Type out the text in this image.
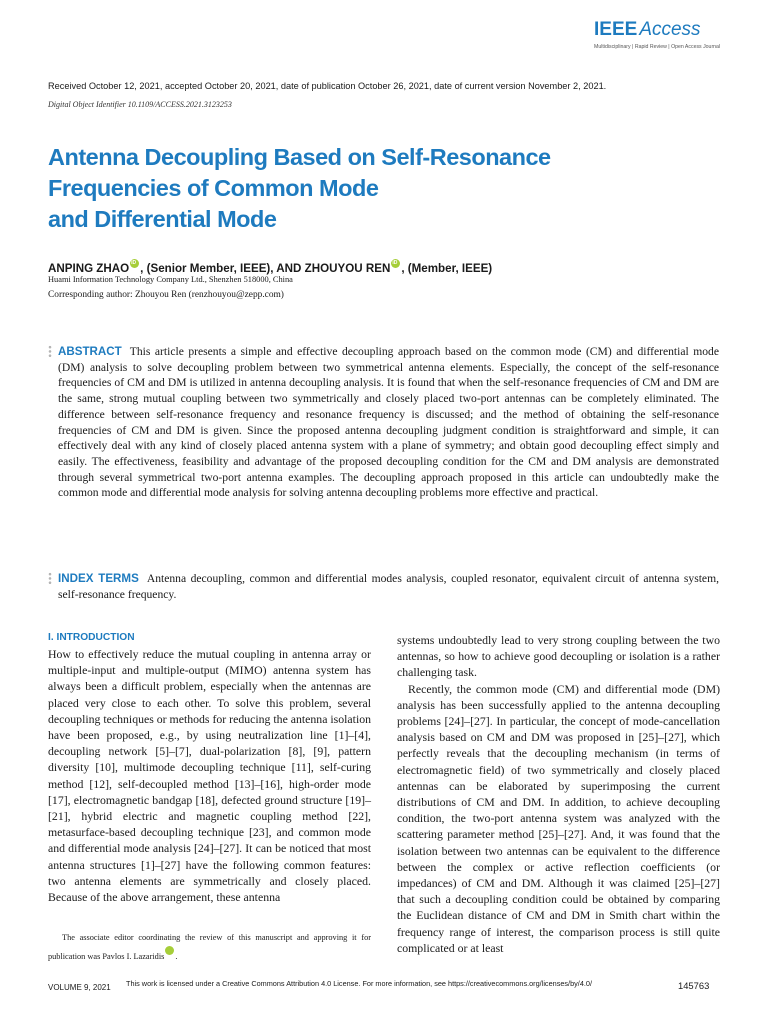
IEEE Access
Multidisciplinary | Rapid Review | Open Access Journal
Received October 12, 2021, accepted October 20, 2021, date of publication October 26, 2021, date of current version November 2, 2021.
Digital Object Identifier 10.1109/ACCESS.2021.3123253
Antenna Decoupling Based on Self-Resonance
Frequencies of Common Mode
and Differential Mode
ANPING ZHAO iD , (Senior Member, IEEE), AND ZHOUYOU REN iD , (Member, IEEE)
Huami Information Technology Company Ltd., Shenzhen 518000, China
Corresponding author: Zhouyou Ren (renzhouyou@zepp.com)

ABSTRACT This article presents a simple and effective decoupling approach based on the common mode (CM) and differential mode (DM) analysis to solve decoupling problem between two symmetrical antenna elements. Especially, the concept of the self-resonance frequencies of CM and DM is utilized in antenna decoupling analysis. It is found that when the self-resonance frequencies of CM and DM are the same, strong mutual coupling between two symmetrically and closely placed two-port antennas can be completely eliminated. The difference between self-resonance frequency and resonance frequency is discussed; and the method of obtaining the self-resonance frequencies of CM and DM is given. Since the proposed antenna decoupling judgment condition is straightforward and simple, it can effectively deal with any kind of closely placed antenna system with a plane of symmetry; and obtain good decoupling effect simply and easily. The effectiveness, feasibility and advantage of the proposed decoupling condition for the CM and DM analysis are demonstrated through several symmetrical two-port antenna examples. The decoupling approach proposed in this article can undoubtedly make the common mode and differential mode analysis for solving antenna decoupling problems more effective and practical.

INDEX TERMS Antenna decoupling, common and differential modes analysis, coupled resonator, equivalent circuit of antenna system, self-resonance frequency.

I. INTRODUCTION

How to effectively reduce the mutual coupling in antenna array or multiple-input and multiple-output (MIMO) antenna system has always been a difficult problem, especially when the antennas are placed very close to each other. To solve this problem, several decoupling techniques or methods for reducing the antenna isolation have been proposed, e.g., by using neutralization line [1]–[4], decoupling network [5]–[7], dual-polarization [8], [9], pattern diversity [10], multimode decoupling technique [11], self-curing method [12], self-decoupled method [13]–[16], high-order mode [17], electromagnetic bandgap [18], defected ground structure [19]–[21], hybrid electric and magnetic coupling method [22], metasurface-based decoupling technique [23], and common mode and differential mode analysis [24]–[27]. It can be noticed that most antenna structures [1]–[27] have the following common features: two antenna elements are symmetrically and closely placed. Because of the above arrangement, these antenna

systems undoubtedly lead to very strong coupling between the two antennas, so how to achieve good decoupling or isolation is a rather challenging task.

Recently, the common mode (CM) and differential mode (DM) analysis has been successfully applied to the antenna decoupling problems [24]–[27]. In particular, the concept of mode-cancellation analysis based on CM and DM was proposed in [25]–[27], which perfectly reveals that the decoupling mechanism (in terms of electromagnetic field) of two symmetrically and closely placed antennas can be elaborated by superimposing the current distributions of CM and DM. In addition, to achieve decoupling condition, the two-port antenna system was analyzed with the scattering parameter method [25]–[27]. And, it was found that the isolation between two antennas can be equivalent to the difference between the complex or active reflection coefficients (or impedances) of CM and DM. Although it was claimed [25]–[27] that such a decoupling condition could be obtained by comparing the Euclidean distance of CM and DM in Smith chart within the frequency range of interest, the comparison process is still quite complicated or at least

The associate editor coordinating the review of this manuscript and approving it for publication was Pavlos I. LazaridisiD .

VOLUME 9, 2021 This work is licensed under a Creative Commons Attribution 4.0 License. For more information, see https://creativecommons.org/licenses/by/4.0/	145763
